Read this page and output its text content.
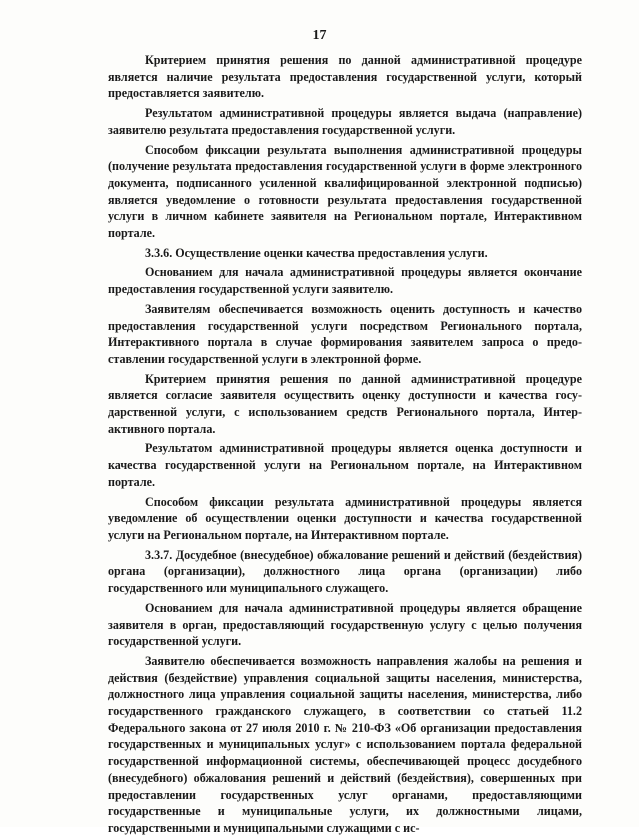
17

Критерием принятия решения по данной административной процедуре является наличие результата предоставления государственной услуги, который предоставляется заявителю.

Результатом административной процедуры является выдача (направление) заявителю результата предоставления государственной услуги.

Способом фиксации результата выполнения административной процедуры (получение результата предоставления государственной услуги в форме электронного документа, подписанного усиленной квалифицированной электронной подписью) является уведомление о готовности результата предоставления государственной услуги в личном кабинете заявителя на Региональном портале, Интерактивном портале.

3.3.6. Осуществление оценки качества предоставления услуги.

Основанием для начала административной процедуры является окончание предоставления государственной услуги заявителю.

Заявителям обеспечивается возможность оценить доступность и качество предоставления государственной услуги посредством Регионального портала, Интерактивного портала в случае формирования заявителем запроса о предоставлении государственной услуги в электронной форме.

Критерием принятия решения по данной административной процедуре является согласие заявителя осуществить оценку доступности и качества государственной услуги, с использованием средств Регионального портала, Интерактивного портала.

Результатом административной процедуры является оценка доступности и качества государственной услуги на Региональном портале, на Интерактивном портале.

Способом фиксации результата административной процедуры является уведомление об осуществлении оценки доступности и качества государственной услуги на Региональном портале, на Интерактивном портале.

3.3.7. Досудебное (внесудебное) обжалование решений и действий (бездействия) органа (организации), должностного лица органа (организации) либо государственного или муниципального служащего.

Основанием для начала административной процедуры является обращение заявителя в орган, предоставляющий государственную услугу с целью получения государственной услуги.

Заявителю обеспечивается возможность направления жалобы на решения и действия (бездействие) управления социальной защиты населения, министерства, должностного лица управления социальной защиты населения, министерства, либо государственного гражданского служащего, в соответствии со статьей 11.2 Федерального закона от 27 июля 2010 г. № 210-ФЗ «Об организации предоставления государственных и муниципальных услуг» с использованием портала федеральной государственной информационной системы, обеспечивающей процесс досудебного (внесудебного) обжалования решений и действий (бездействия), совершенных при предоставлении государственных услуг органами, предоставляющими государственные и муниципальные услуги, их должностными лицами, государственными и муниципальными служащими с ис-
